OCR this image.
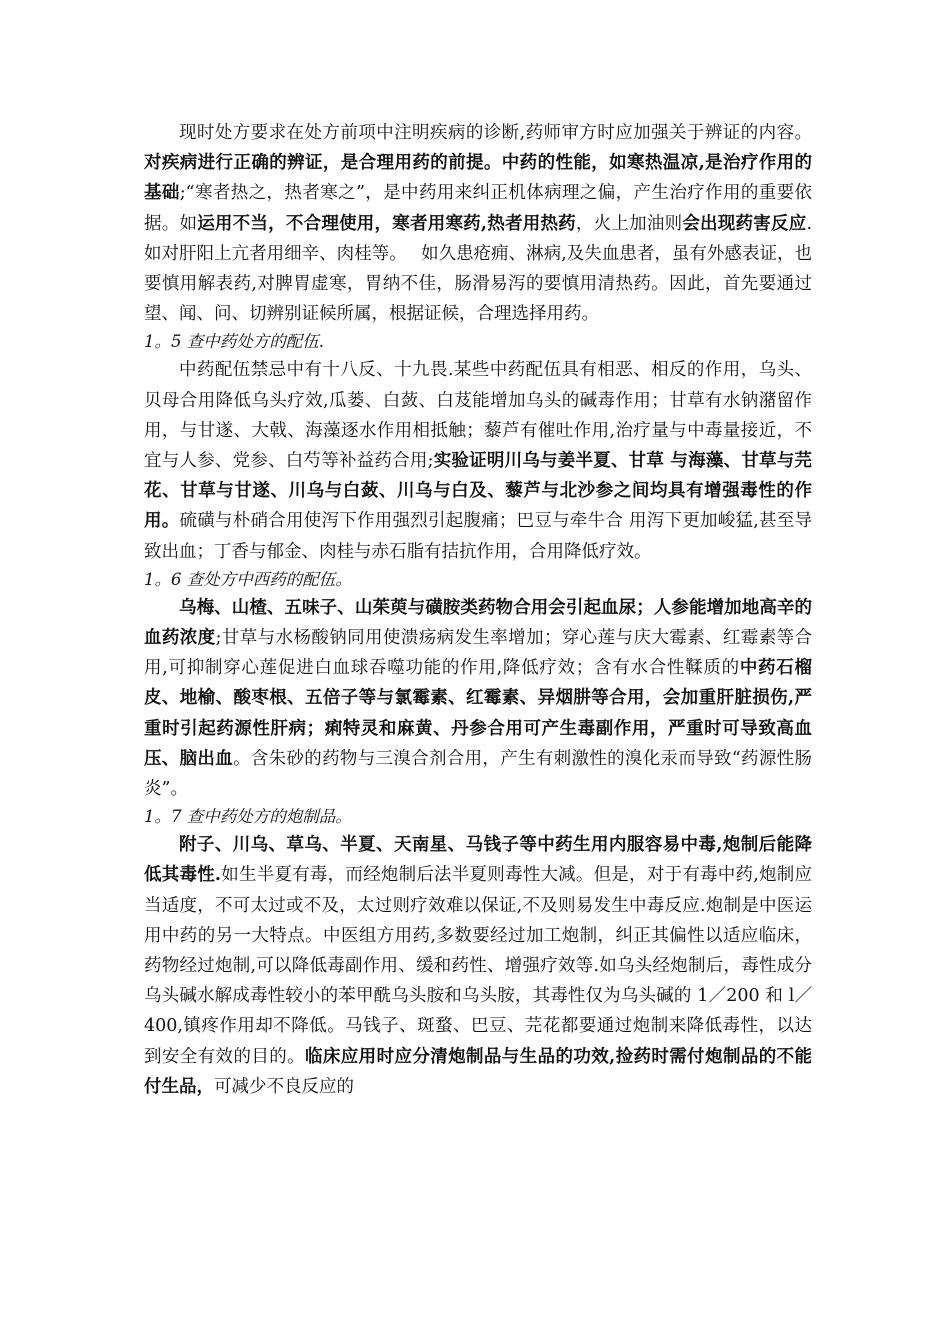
现时处方要求在处方前项中注明疾病的诊断,药师审方时应加强关于辨证的内容。对疾病进行正确的辨证，是合理用药的前提。中药的性能，如寒热温凉,是治疗作用的基础;“寒者热之，热者寒之”，是中药用来纠正机体病理之偏，产生治疗作用的重要依据。如运用不当，不合理使用，寒者用寒药,热者用热药，火上加油则会出现药害反应.如对肝阳上亢者用细辛、肉桂等。　 如久患疮痈、淋病,及失血患者，虽有外感表证，也要慎用解表药,对脾胃虚寒，胃纳不佳，肠滑易泻的要慎用清热药。因此，首先要通过望、闻、问、切辨别证候所属，根据证候，合理选择用药。

1。5 查中药处方的配伍.

中药配伍禁忌中有十八反、十九畏.某些中药配伍具有相恶、相反的作用，乌头、贝母合用降低乌头疗效,瓜蒌、白蔹、白芨能增加乌头的碱毒作用；甘草有水钠潴留作用，与甘遂、大戟、海藻逐水作用相抵触；藜芦有催吐作用,治疗量与中毒量接近，不宜与人参、党参、白芍等补益药合用;实验证明川乌与姜半夏、甘草 与海藻、甘草与芫花、甘草与甘遂、川乌与白蔹、川乌与白及、藜芦与北沙参之间均具有增强毒性的作用。硫磺与朴硝合用使泻下作用强烈引起腹痛；巴豆与牵牛合 用泻下更加峻猛,甚至导致出血；丁香与郁金、肉桂与赤石脂有拮抗作用，合用降低疗效。

1。6 查处方中西药的配伍。

乌梅、山楂、五味子、山茱萸与磺胺类药物合用会引起血尿；人参能增加地高辛的血药浓度;甘草与水杨酸钠同用使溃疡病发生率增加；穿心莲与庆大霉素、红霉素等合用,可抑制穿心莲促进白血球吞噬功能的作用,降低疗效；含有水合性鞣质的中药石榴皮、地榆、酸枣根、五倍子等与氯霉素、红霉素、异烟肼等合用，会加重肝脏损伤,严重时引起药源性肝病；痢特灵和麻黄、丹参合用可产生毒副作用，严重时可导致高血压、脑出血。含朱砂的药物与三溴合剂合用，产生有刺激性的溴化汞而导致“药源性肠炎”。

1。7 查中药处方的炮制品。

附子、川乌、草乌、半夏、天南星、马钱子等中药生用内服容易中毒,炮制后能降低其毒性.如生半夏有毒，而经炮制后法半夏则毒性大减。但是，对于有毒中药,炮制应当适度，不可太过或不及，太过则疗效难以保证,不及则易发生中毒反应.炮制是中医运用中药的另一大特点。中医组方用药,多数要经过加工炮制，纠正其偏性以适应临床，药物经过炮制,可以降低毒副作用、缓和药性、增强疗效等.如乌头经炮制后，毒性成分乌头碱水解成毒性较小的苯甲酰乌头胺和乌头胺，其毒性仅为乌头碱的 1／200 和 l／400,镇疼作用却不降低。马钱子、斑蝥、巴豆、芫花都要通过炮制来降低毒性，以达到安全有效的目的。临床应用时应分清炮制品与生品的功效,捡药时需付炮制品的不能付生品，可减少不良反应的
